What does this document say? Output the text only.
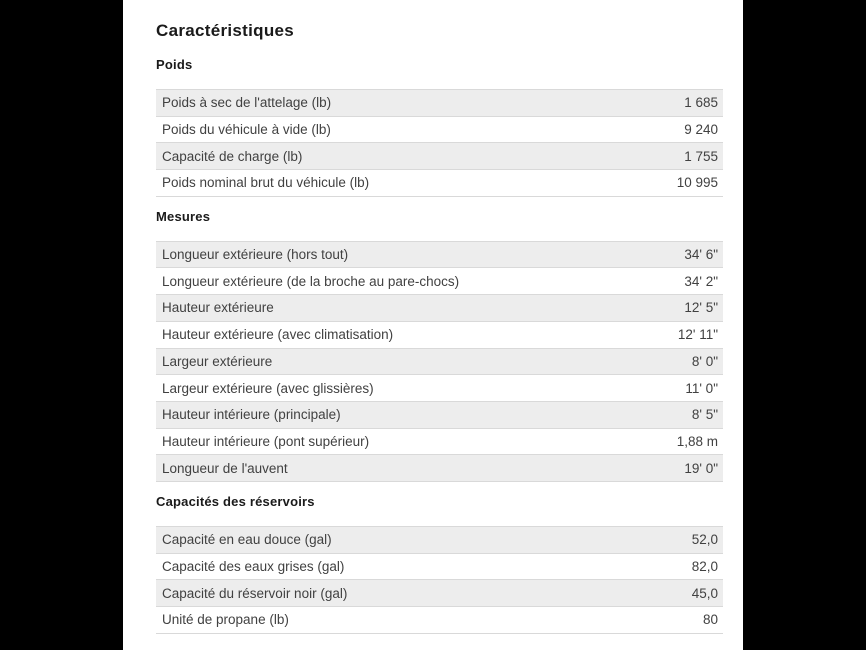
Caractéristiques
Poids
Poids à sec de l'attelage (lb)	1 685
Poids du véhicule à vide (lb)	9 240
Capacité de charge (lb)	1 755
Poids nominal brut du véhicule (lb)	10 995
Mesures
Longueur extérieure (hors tout)	34' 6"
Longueur extérieure (de la broche au pare-chocs)	34' 2"
Hauteur extérieure	12' 5"
Hauteur extérieure (avec climatisation)	12' 11"
Largeur extérieure	8' 0"
Largeur extérieure (avec glissières)	11' 0"
Hauteur intérieure (principale)	8' 5"
Hauteur intérieure (pont supérieur)	1,88 m
Longueur de l'auvent	19' 0"
Capacités des réservoirs
Capacité en eau douce (gal)	52,0
Capacité des eaux grises (gal)	82,0
Capacité du réservoir noir (gal)	45,0
Unité de propane (lb)	80
